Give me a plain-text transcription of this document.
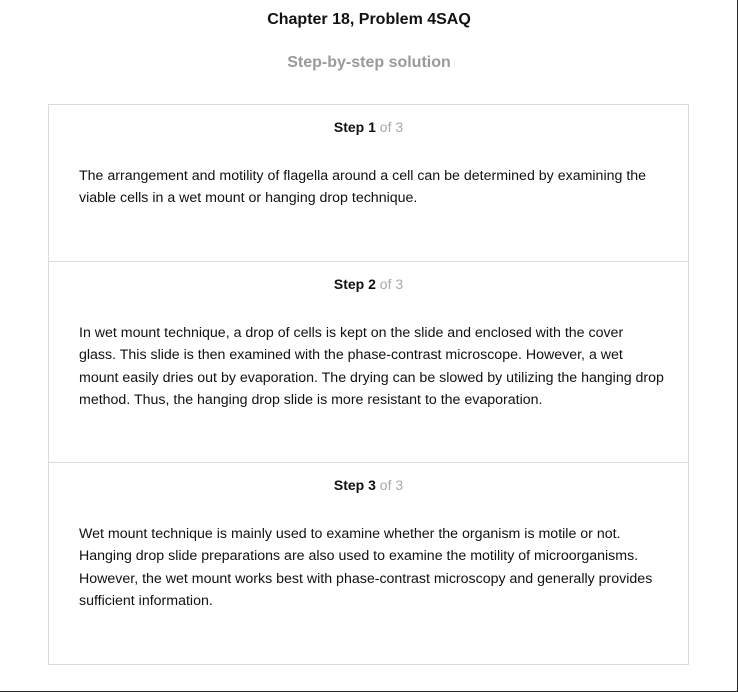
Chapter 18, Problem 4SAQ
Step-by-step solution
Step 1 of 3
The arrangement and motility of flagella around a cell can be determined by examining the viable cells in a wet mount or hanging drop technique.
Step 2 of 3
In wet mount technique, a drop of cells is kept on the slide and enclosed with the cover glass. This slide is then examined with the phase-contrast microscope. However, a wet mount easily dries out by evaporation. The drying can be slowed by utilizing the hanging drop method. Thus, the hanging drop slide is more resistant to the evaporation.
Step 3 of 3
Wet mount technique is mainly used to examine whether the organism is motile or not. Hanging drop slide preparations are also used to examine the motility of microorganisms. However, the wet mount works best with phase-contrast microscopy and generally provides sufficient information.
